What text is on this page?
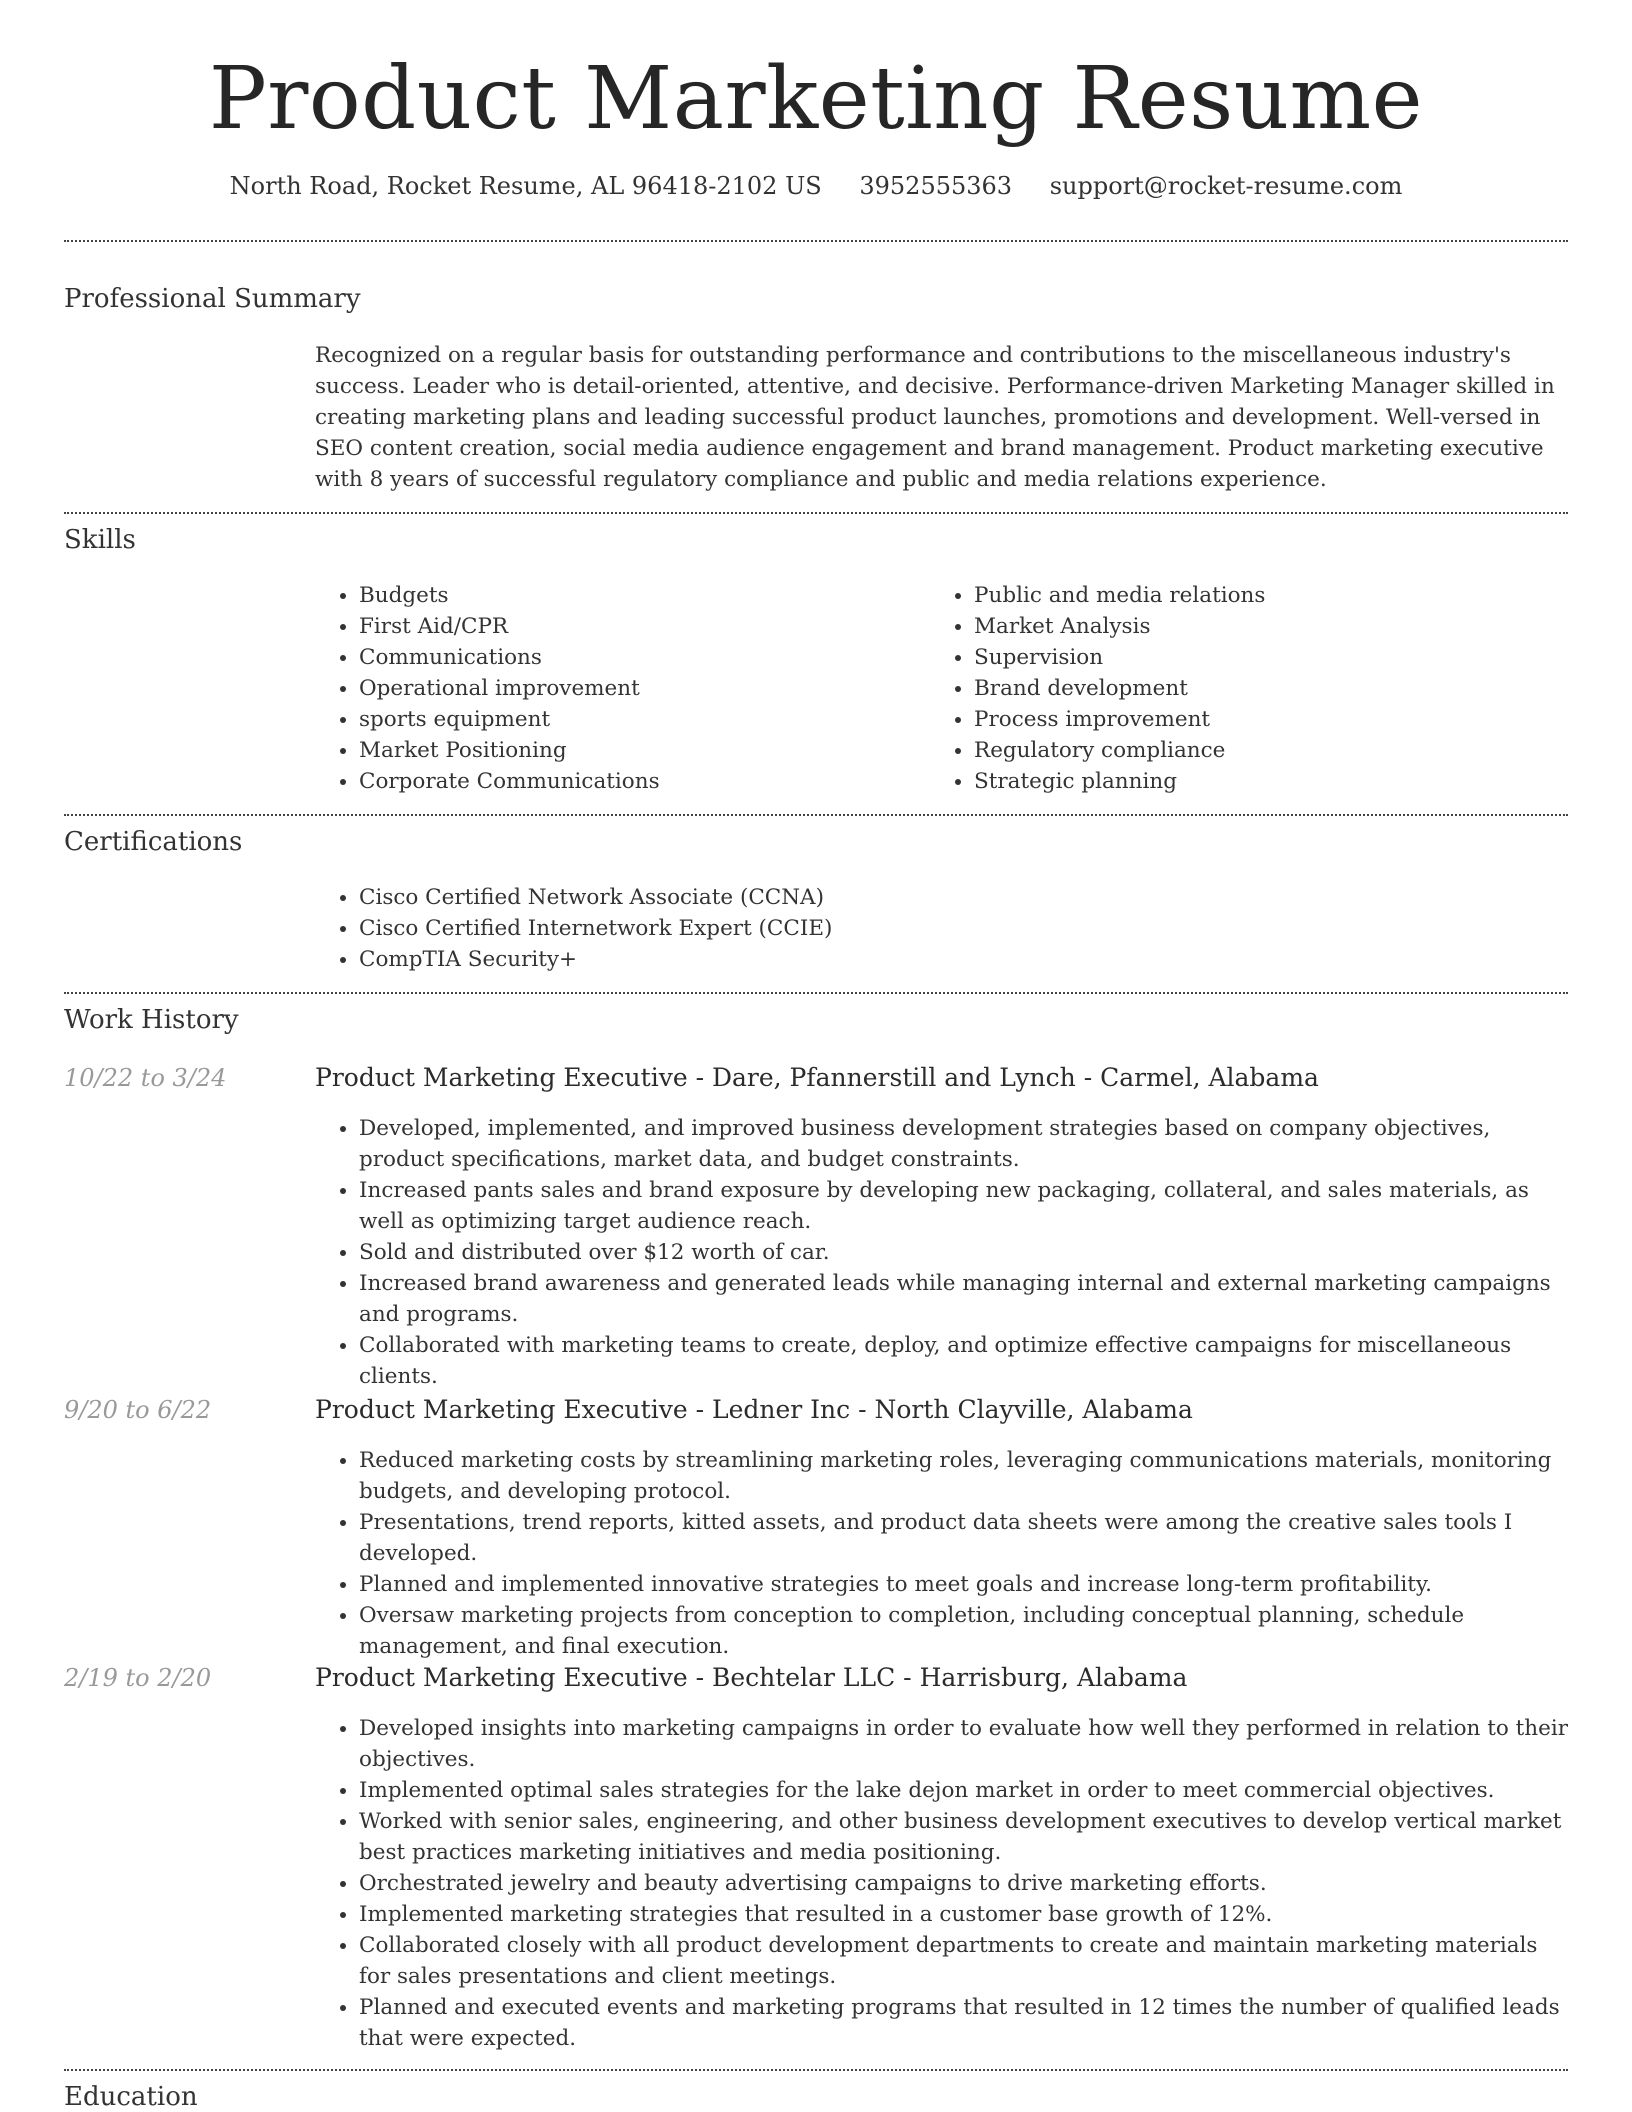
Product Marketing Resume
North Road, Rocket Resume, AL 96418-2102 US 3952555363 support@rocket-resume.com
Professional Summary
Recognized on a regular basis for outstanding performance and contributions to the miscellaneous industry's success. Leader who is detail-oriented, attentive, and decisive. Performance-driven Marketing Manager skilled in creating marketing plans and leading successful product launches, promotions and development. Well-versed in SEO content creation, social media audience engagement and brand management. Product marketing executive with 8 years of successful regulatory compliance and public and media relations experience.
Skills
• Budgets
• First Aid/CPR
• Communications
• Operational improvement
• sports equipment
• Market Positioning
• Corporate Communications
• Public and media relations
• Market Analysis
• Supervision
• Brand development
• Process improvement
• Regulatory compliance
• Strategic planning
Certifications
• Cisco Certified Network Associate (CCNA)
• Cisco Certified Internetwork Expert (CCIE)
• CompTIA Security+
Work History
10/22 to 3/24	Product Marketing Executive - Dare, Pfannerstill and Lynch - Carmel, Alabama
• Developed, implemented, and improved business development strategies based on company objectives, product specifications, market data, and budget constraints.
• Increased pants sales and brand exposure by developing new packaging, collateral, and sales materials, as well as optimizing target audience reach.
• Sold and distributed over $12 worth of car.
• Increased brand awareness and generated leads while managing internal and external marketing campaigns and programs.
• Collaborated with marketing teams to create, deploy, and optimize effective campaigns for miscellaneous clients.
9/20 to 6/22	Product Marketing Executive - Ledner Inc - North Clayville, Alabama
• Reduced marketing costs by streamlining marketing roles, leveraging communications materials, monitoring budgets, and developing protocol.
• Presentations, trend reports, kitted assets, and product data sheets were among the creative sales tools I developed.
• Planned and implemented innovative strategies to meet goals and increase long-term profitability.
• Oversaw marketing projects from conception to completion, including conceptual planning, schedule management, and final execution.
2/19 to 2/20	Product Marketing Executive - Bechtelar LLC - Harrisburg, Alabama
• Developed insights into marketing campaigns in order to evaluate how well they performed in relation to their objectives.
• Implemented optimal sales strategies for the lake dejon market in order to meet commercial objectives.
• Worked with senior sales, engineering, and other business development executives to develop vertical market best practices marketing initiatives and media positioning.
• Orchestrated jewelry and beauty advertising campaigns to drive marketing efforts.
• Implemented marketing strategies that resulted in a customer base growth of 12%.
• Collaborated closely with all product development departments to create and maintain marketing materials for sales presentations and client meetings.
• Planned and executed events and marketing programs that resulted in 12 times the number of qualified leads that were expected.
Education
